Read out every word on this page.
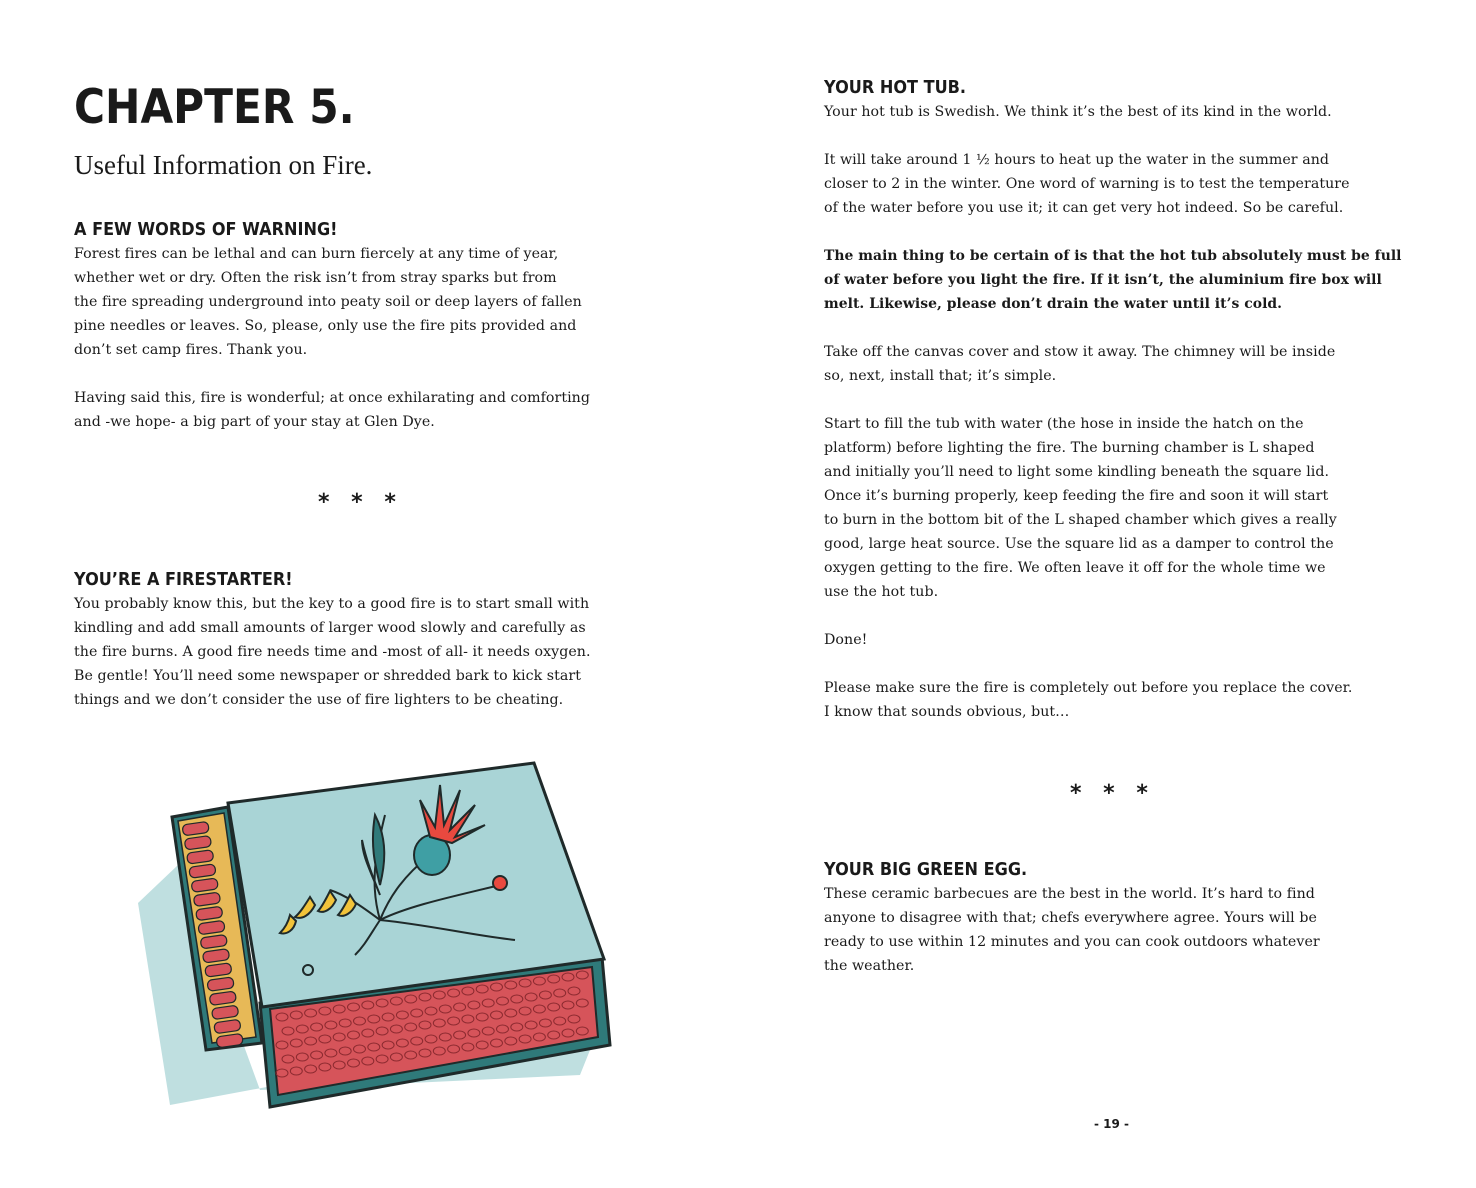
CHAPTER 5.
Useful Information on Fire.
A FEW WORDS OF WARNING!

Forest fires can be lethal and can burn fiercely at any time of year,
whether wet or dry. Often the risk isn’t from stray sparks but from
the fire spreading underground into peaty soil or deep layers of fallen
pine needles or leaves. So, please, only use the fire pits provided and
don’t set camp fires. Thank you.

Having said this, fire is wonderful; at once exhilarating and comforting
and -we hope- a big part of your stay at Glen Dye.

* * *
YOU’RE A FIRESTARTER!

You probably know this, but the key to a good fire is to start small with
kindling and add small amounts of larger wood slowly and carefully as
the fire burns. A good fire needs time and -most of all- it needs oxygen.
Be gentle! You’ll need some newspaper or shredded bark to kick start
things and we don’t consider the use of fire lighters to be cheating.

YOUR HOT TUB.

Your hot tub is Swedish. We think it’s the best of its kind in the world.

It will take around 1 ½ hours to heat up the water in the summer and
closer to 2 in the winter. One word of warning is to test the temperature
of the water before you use it; it can get very hot indeed. So be careful.

The main thing to be certain of is that the hot tub absolutely must be full
of water before you light the fire. If it isn’t, the aluminium fire box will
melt. Likewise, please don’t drain the water until it’s cold.

Take off the canvas cover and stow it away. The chimney will be inside
so, next, install that; it’s simple.

Start to fill the tub with water (the hose in inside the hatch on the
platform) before lighting the fire. The burning chamber is L shaped
and initially you’ll need to light some kindling beneath the square lid.
Once it’s burning properly, keep feeding the fire and soon it will start
to burn in the bottom bit of the L shaped chamber which gives a really
good, large heat source. Use the square lid as a damper to control the
oxygen getting to the fire. We often leave it off for the whole time we
use the hot tub.

Done!

Please make sure the fire is completely out before you replace the cover.
I know that sounds obvious, but…

* * *
YOUR BIG GREEN EGG.

These ceramic barbecues are the best in the world. It’s hard to find
anyone to disagree with that; chefs everywhere agree. Yours will be
ready to use within 12 minutes and you can cook outdoors whatever
the weather.

- 19 -
